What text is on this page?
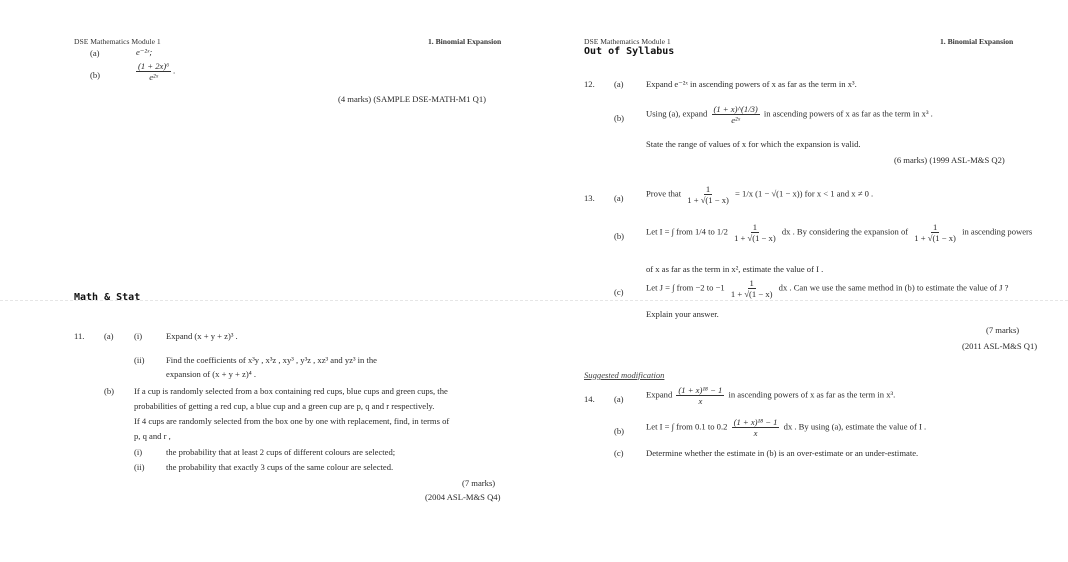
DSE Mathematics Module 1	1. Binomial Expansion
(a)	e⁻²ˣ;
(b)	$\frac{\text{(1 + 2x)⁶}}{\text{e²ˣ}}$ .
(4 marks) (SAMPLE DSE-MATH-M1 Q1)
Math & Stat
11. (a) (i)	Expand (x + y + z)³ .
(ii)	Find the coefficients of x³y , x³z , xy³ , y³z , xz³ and yz³ in the
expansion of (x + y + z)⁴ .
(b) If a cup is randomly selected from a box containing red cups, blue cups and green cups, the
probabilities of getting a red cup, a blue cup and a green cup are p, q and r respectively.
If 4 cups are randomly selected from the box one by one with replacement, find, in terms of
p, q and r ,
(i)	the probability that at least 2 cups of different colours are selected;
(ii)	the probability that exactly 3 cups of the same colour are selected.
(7 marks)
(2004 ASL-M&S Q4)
DSE Mathematics Module 1	1. Binomial Expansion
Out of Syllabus
12. (a)	Expand e⁻²ˣ in ascending powers of x as far as the term in x³.
(b)	Using (a), expand $\frac{(1 + x)\^{}(1/3)}{\text{e²ˣ}}$ in ascending powers of x as far as the term in x³ .
State the range of values of x for which the expansion is valid.
(6 marks) (1999 ASL-M&S Q2)
13. (a)	Prove that $\frac{1}{1 + √(1 - x)} = 1/x$ (1 − √(1 − x)) for x < 1 and x ≠ 0 .
(b)	Let I = ∫ from 1/4 to $1/2 \frac{1}{1 + √(1 - x)}$ dx . By considering the expansion of $\frac{1}{1 + √(1 - x)}$ in ascending powers
of x as far as the term in x², estimate the value of I .
(c)	Let J = ∫ from −2 to $-1 \frac{1}{1 + √(1 - x)}$ dx . Can we use the same method in (b) to estimate the value of J ?
Explain your answer.
(7 marks)
(2011 ASL-M&S Q1)
Suggested modification
14. (a)	Expand $\frac{\text{(1 + x)¹⁸ − 1}}{x}$ in ascending powers of x as far as the term in x³.
(b)	Let I = ∫ from 0.1 to $0.2 \frac{\text{(1 + x)¹⁸ − 1}}{x}$ dx . By using (a), estimate the value of I .
(c)	Determine whether the estimate in (b) is an over-estimate or an under-estimate.
